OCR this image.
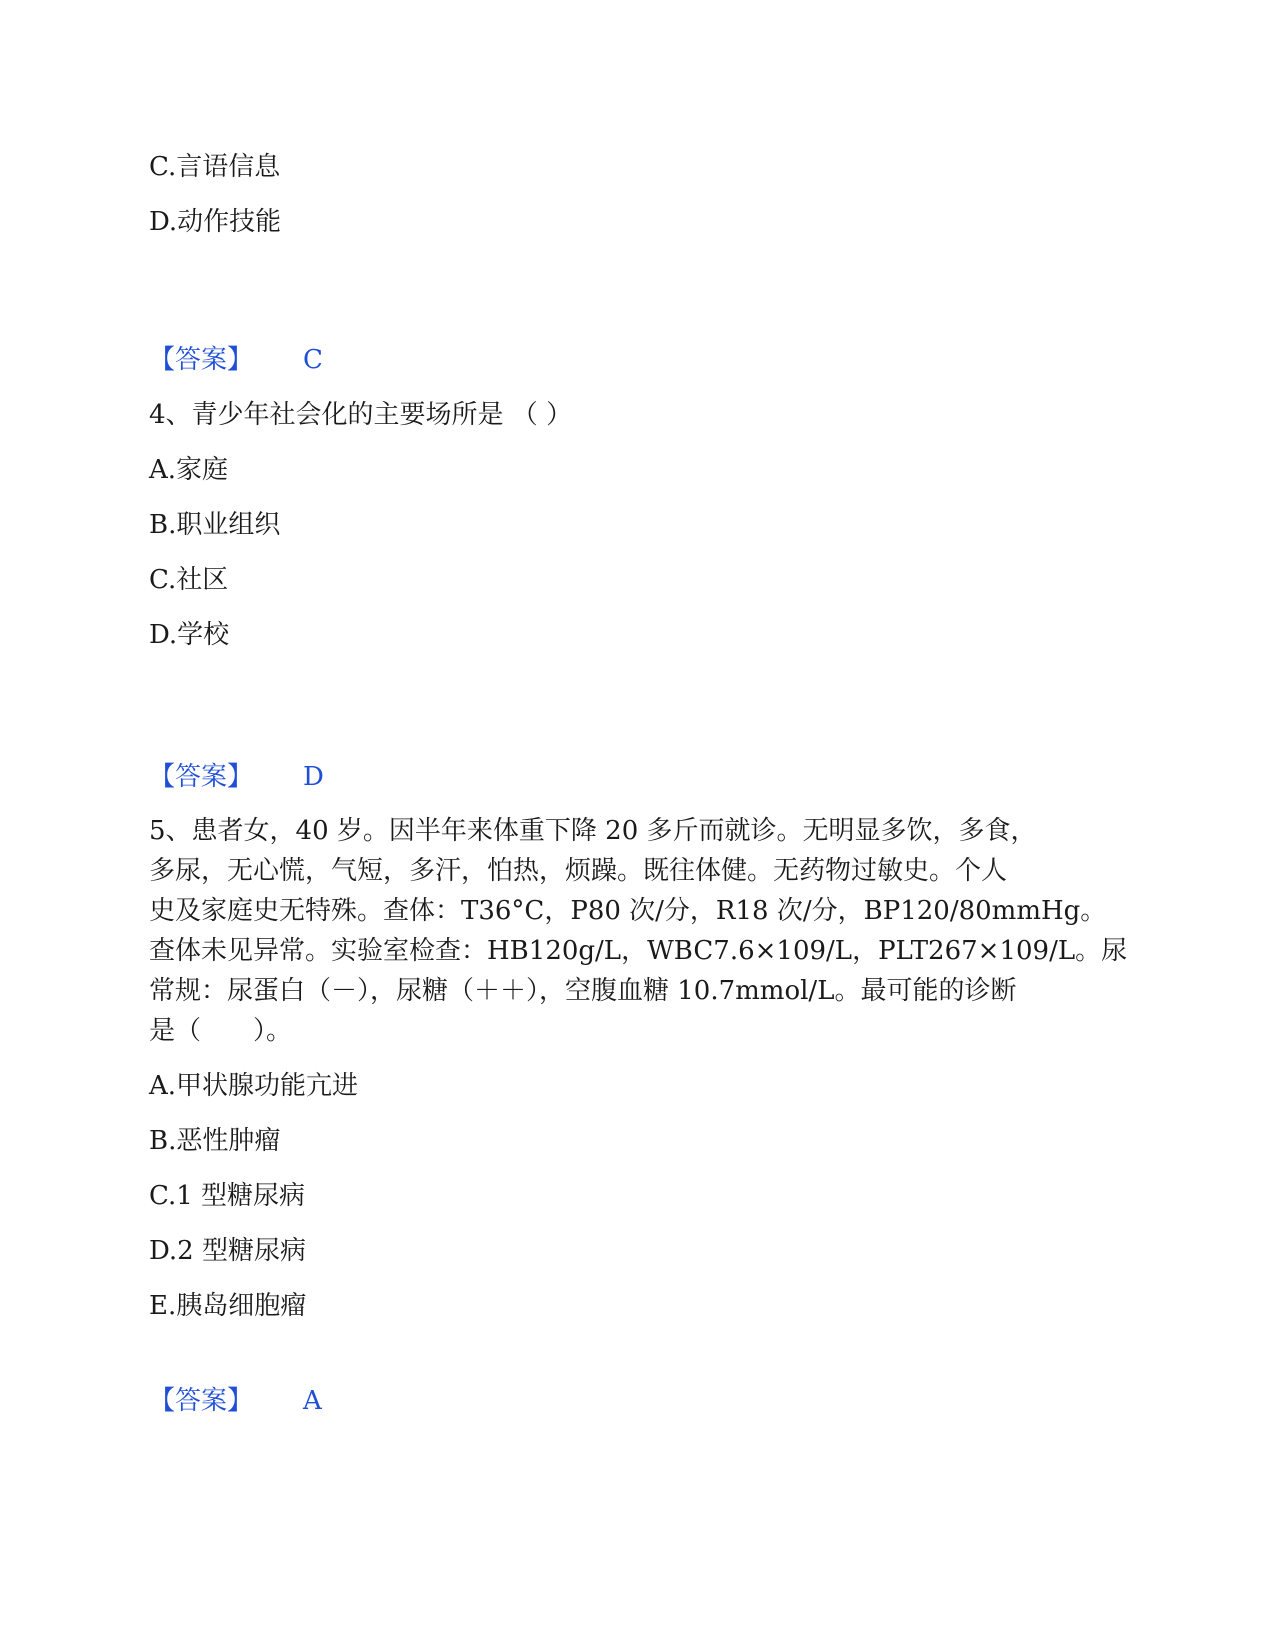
C.言语信息
D.动作技能
【答案】 C
4、青少年社会化的主要场所是 （ ）
A.家庭
B.职业组织
C.社区
D.学校
【答案】 D
5、患者女，40 岁。因半年来体重下降 20 多斤而就诊。无明显多饮，多食，
多尿，无心慌，气短，多汗，怕热，烦躁。既往体健。无药物过敏史。个人
史及家庭史无特殊。查体：T36°C，P80 次/分，R18 次/分，BP120/80mmHg。
查体未见异常。实验室检查：HB120g/L，WBC7.6×109/L，PLT267×109/L。尿
常规：尿蛋白（－），尿糖（＋＋），空腹血糖 10.7mmol/L。最可能的诊断
是（　　）。
A.甲状腺功能亢进
B.恶性肿瘤
C.1 型糖尿病
D.2 型糖尿病
E.胰岛细胞瘤
【答案】 A
